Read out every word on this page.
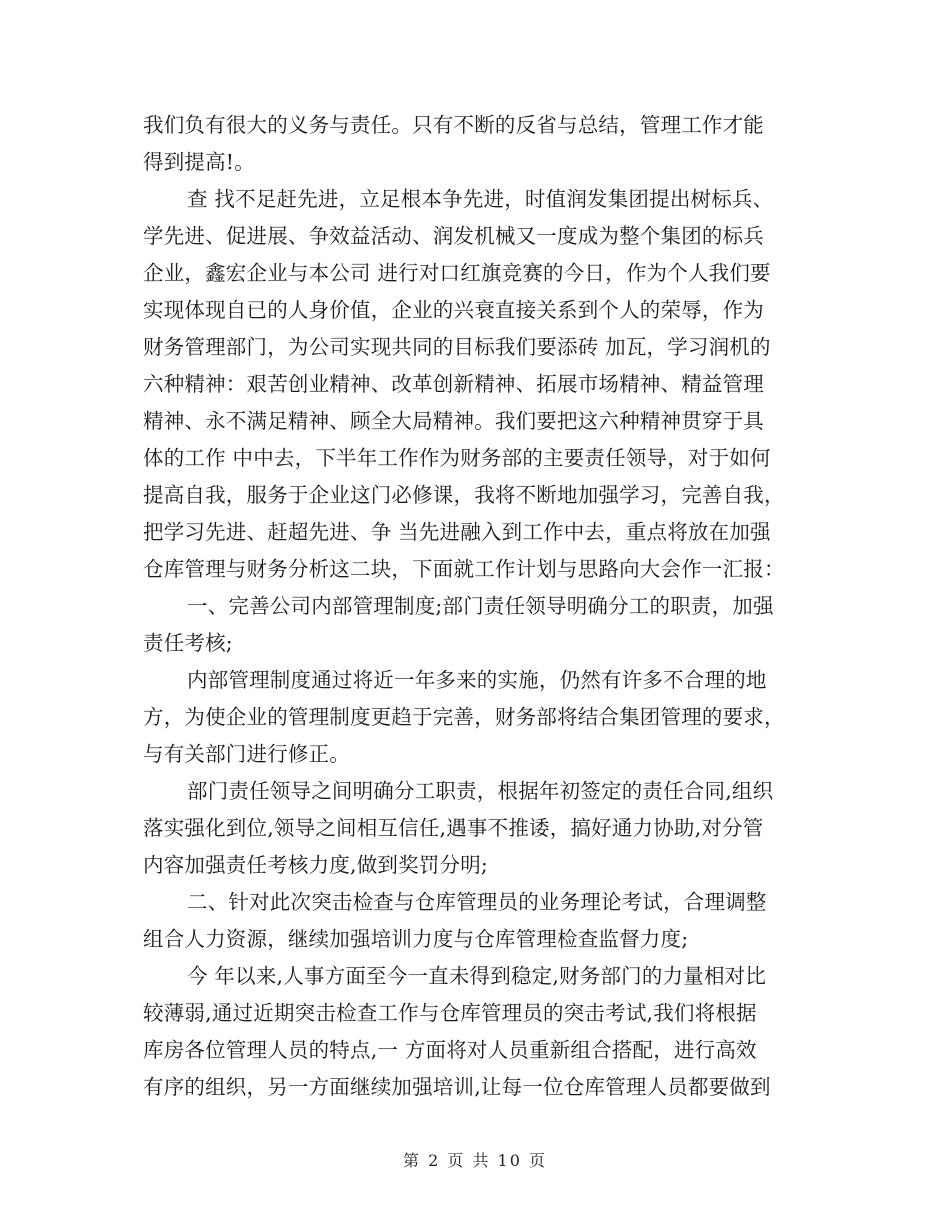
我们负有很大的义务与责任。只有不断的反省与总结，管理工作才能
得到提高!。
查 找不足赶先进，立足根本争先进，时值润发集团提出树标兵、
学先进、促进展、争效益活动、润发机械又一度成为整个集团的标兵
企业，鑫宏企业与本公司 进行对口红旗竞赛的今日，作为个人我们要
实现体现自已的人身价值，企业的兴衰直接关系到个人的荣辱，作为
财务管理部门，为公司实现共同的目标我们要添砖 加瓦，学习润机的
六种精神：艰苦创业精神、改革创新精神、拓展市场精神、精益管理
精神、永不满足精神、顾全大局精神。我们要把这六种精神贯穿于具
体的工作 中中去，下半年工作作为财务部的主要责任领导，对于如何
提高自我，服务于企业这门必修课，我将不断地加强学习，完善自我，
把学习先进、赶超先进、争 当先进融入到工作中去，重点将放在加强
仓库管理与财务分析这二块，下面就工作计划与思路向大会作一汇报：
一、完善公司内部管理制度;部门责任领导明确分工的职责，加强
责任考核;
内部管理制度通过将近一年多来的实施，仍然有许多不合理的地
方，为使企业的管理制度更趋于完善，财务部将结合集团管理的要求，
与有关部门进行修正。
部门责任领导之间明确分工职责，根据年初签定的责任合同,组织
落实强化到位,领导之间相互信任,遇事不推诿，搞好通力协助,对分管
内容加强责任考核力度,做到奖罚分明;
二、针对此次突击检查与仓库管理员的业务理论考试，合理调整
组合人力资源，继续加强培训力度与仓库管理检查监督力度;
今 年以来,人事方面至今一直未得到稳定,财务部门的力量相对比
较薄弱,通过近期突击检查工作与仓库管理员的突击考试,我们将根据
库房各位管理人员的特点,一 方面将对人员重新组合搭配，进行高效
有序的组织，另一方面继续加强培训,让每一位仓库管理人员都要做到
第 2 页 共 10 页
